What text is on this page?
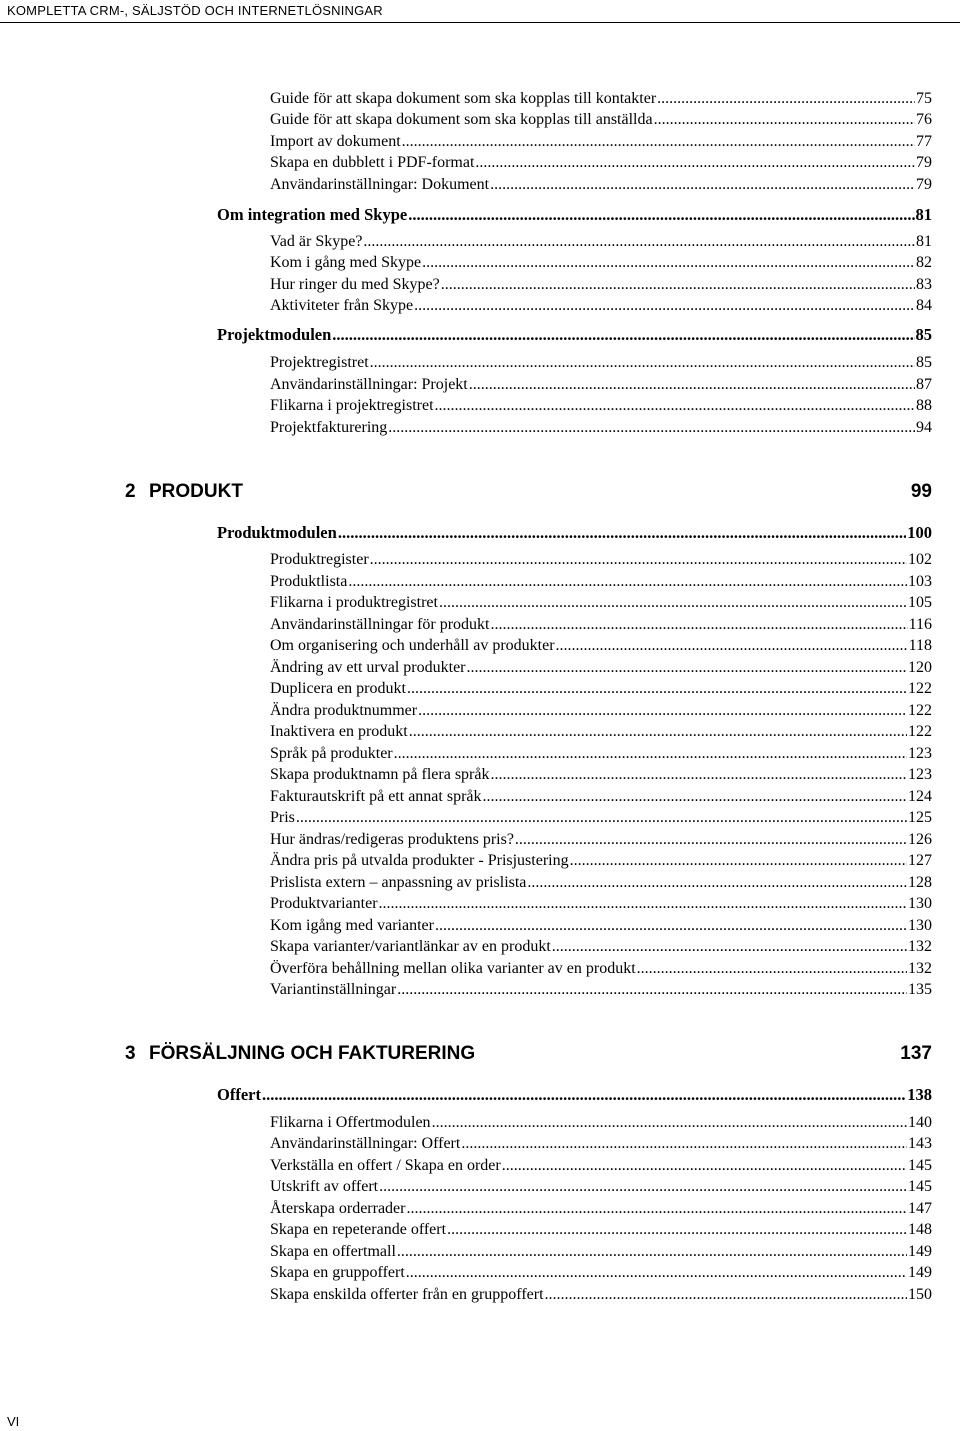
KOMPLETTA CRM-, SÄLJSTÖD OCH INTERNETLÖSNINGAR
Guide för att skapa dokument som ska kopplas till kontakter .....	75
Guide för att skapa dokument som ska kopplas till anställda .....	76
Import av dokument .....	77
Skapa en dubblett i PDF-format .....	79
Användarinställningar: Dokument .....	79
Om integration med Skype .....	81
Vad är Skype? .....	81
Kom i gång med Skype .....	82
Hur ringer du med Skype? .....	83
Aktiviteter från Skype .....	84
Projektmodulen .....	85
Projektregistret .....	85
Användarinställningar: Projekt .....	87
Flikarna i projektregistret .....	88
Projektfakturering .....	94
2 PRODUKT	99
Produktmodulen .....	100
Produktregister .....	102
Produktlista .....	103
Flikarna i produktregistret .....	105
Användarinställningar för produkt .....	116
Om organisering och underhåll av produkter .....	118
Ändring av ett urval produkter .....	120
Duplicera en produkt .....	122
Ändra produktnummer .....	122
Inaktivera en produkt .....	122
Språk på produkter .....	123
Skapa produktnamn på flera språk .....	123
Fakturautskrift på ett annat språk .....	124
Pris .....	125
Hur ändras/redigeras produktens pris? .....	126
Ändra pris på utvalda produkter - Prisjustering .....	127
Prislista extern – anpassning av prislista .....	128
Produktvarianter .....	130
Kom igång med varianter .....	130
Skapa varianter/variantlänkar av en produkt .....	132
Överföra behållning mellan olika varianter av en produkt .....	132
Variantinställningar .....	135
3 FÖRSÄLJNING OCH FAKTURERING	137
Offert .....	138
Flikarna i Offertmodulen .....	140
Användarinställningar: Offert .....	143
Verkställa en offert / Skapa en order .....	145
Utskrift av offert .....	145
Återskapa orderrader .....	147
Skapa en repeterande offert .....	148
Skapa en offertmall .....	149
Skapa en gruppoffert .....	149
Skapa enskilda offerter från en gruppoffert .....	150
VI
